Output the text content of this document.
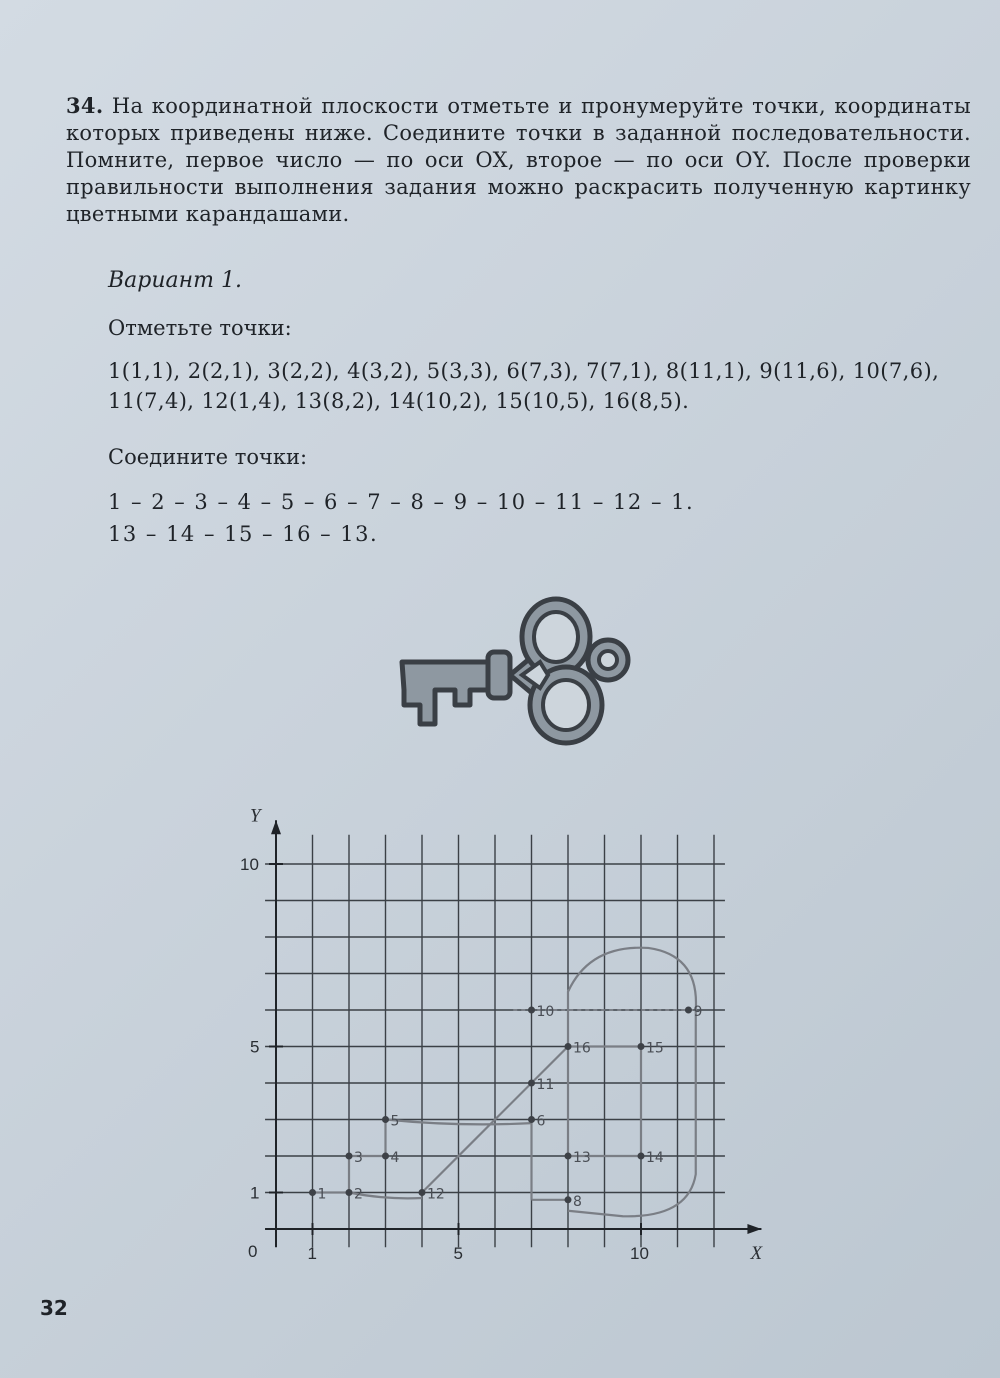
34. На координатной плоскости отметьте и пронумеруйте точки, координаты которых приведены ниже. Соедините точки в заданной последовательности. Помните, первое число — по оси OX, второе — по оси OY. После проверки правильности выполнения задания можно раскрасить полученную картинку цветными карандашами.
Вариант 1.
Отметьте точки:
1(1,1), 2(2,1), 3(2,2), 4(3,2), 5(3,3), 6(7,3), 7(7,1), 8(11,1), 9(11,6), 10(7,6), 11(7,4), 12(1,4), 13(8,2), 14(10,2), 15(10,5), 16(8,5).
Соедините точки:
1 – 2 – 3 – 4 – 5 – 6 – 7 – 8 – 9 – 10 – 11 – 12 – 1.
13 – 14 – 15 – 16 – 13.
1	5	10
1
5
10
0	X
Y
1 2
3 4
5	6
11
12
16	15
13	14
8
10	9
32
